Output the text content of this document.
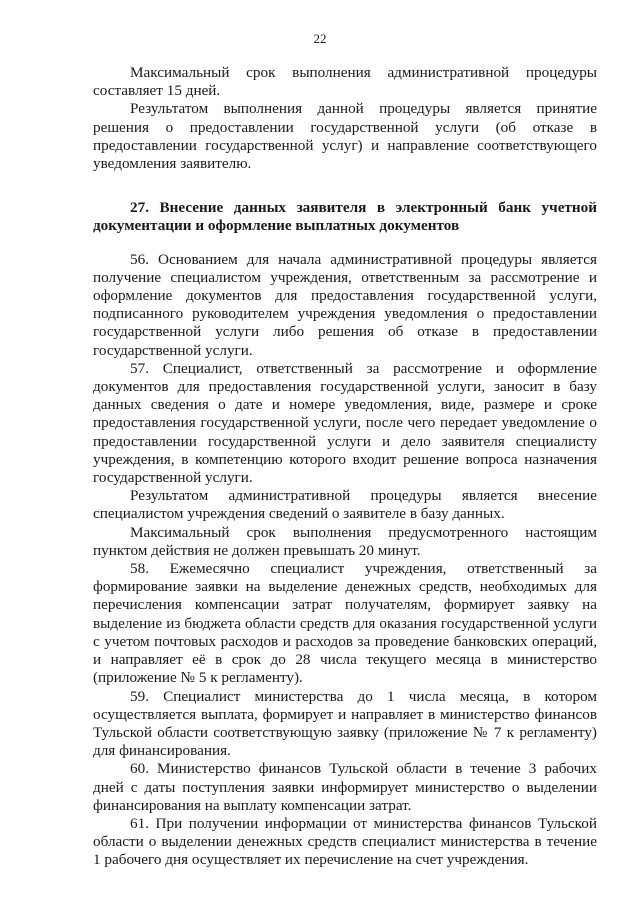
22

Максимальный срок выполнения административной процедуры составляет 15 дней.

Результатом выполнения данной процедуры является принятие решения о предоставлении государственной услуги (об отказе в предоставлении государственной услуг) и направление соответствующего уведомления заявителю.

27. Внесение данных заявителя в электронный банк учетной документации и оформление выплатных документов

56. Основанием для начала административной процедуры является получение специалистом учреждения, ответственным за рассмотрение и оформление документов для предоставления государственной услуги, подписанного руководителем учреждения уведомления о предоставлении государственной услуги либо решения об отказе в предоставлении государственной услуги.

57. Специалист, ответственный за рассмотрение и оформление документов для предоставления государственной услуги, заносит в базу данных сведения о дате и номере уведомления, виде, размере и сроке предоставления государственной услуги, после чего передает уведомление о предоставлении государственной услуги и дело заявителя специалисту учреждения, в компетенцию которого входит решение вопроса назначения государственной услуги.

Результатом административной процедуры является внесение специалистом учреждения сведений о заявителе в базу данных.

Максимальный срок выполнения предусмотренного настоящим пунктом действия не должен превышать 20 минут.

58. Ежемесячно специалист учреждения, ответственный за формирование заявки на выделение денежных средств, необходимых для перечисления компенсации затрат получателям, формирует заявку на выделение из бюджета области средств для оказания государственной услуги с учетом почтовых расходов и расходов за проведение банковских операций, и направляет её в срок до 28 числа текущего месяца в министерство (приложение № 5 к регламенту).

59. Специалист министерства до 1 числа месяца, в котором осуществляется выплата, формирует и направляет в министерство финансов Тульской области соответствующую заявку (приложение № 7 к регламенту) для финансирования.

60. Министерство финансов Тульской области в течение 3 рабочих дней с даты поступления заявки информирует министерство о выделении финансирования на выплату компенсации затрат.

61. При получении информации от министерства финансов Тульской области о выделении денежных средств специалист министерства в течение 1 рабочего дня осуществляет их перечисление на счет учреждения.
